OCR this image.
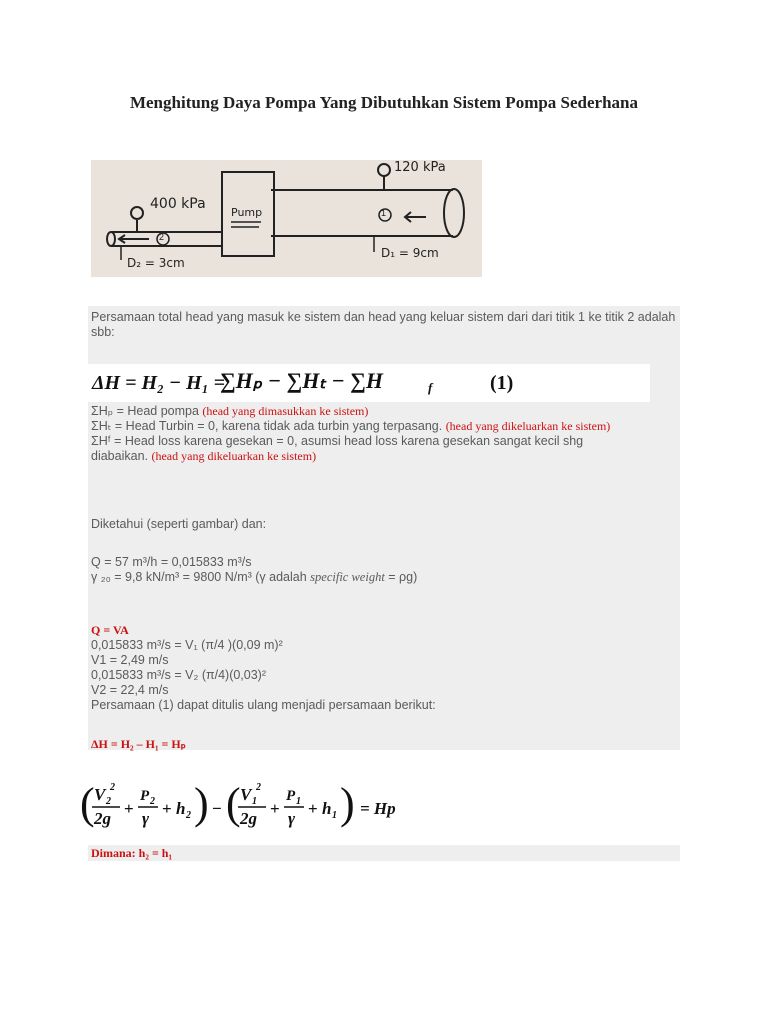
Menghitung Daya Pompa Yang Dibutuhkan Sistem Pompa Sederhana
400 kPa
120 kPa
Pump
D₂ = 3cm
D₁ = 9cm
1
2
Persamaan total head yang masuk ke sistem dan head yang keluar sistem dari dari titik 1 ke titik 2 adalah
sbb:
ΔH = H₂ − H₁ =
∑Hₚ − ∑Hₜ − ∑H	f	(1)
ΣHₚ = Head pompa (head yang dimasukkan ke sistem)
ΣHₜ = Head Turbin = 0, karena tidak ada turbin yang terpasang. (head yang dikeluarkan ke sistem)
ΣHᶠ = Head loss karena gesekan = 0, asumsi head loss karena gesekan sangat kecil shg
diabaikan. (head yang dikeluarkan ke sistem)
Diketahui (seperti gambar) dan:
Q = 57 m³/h = 0,015833 m³/s
γ ₂₀ = 9,8 kN/m³ = 9800 N/m³ (γ adalah specific weight = ρg)
Q = VA
0,015833 m³/s = V₁ (π/4 )(0,09 m)²
V1 = 2,49 m/s
0,015833 m³/s = V₂ (π/4)(0,03)²
V2 = 22,4 m/s
Persamaan (1) dapat ditulis ulang menjadi persamaan berikut:
ΔH = H₂ – H₁ = Hₚ
( V 2
2
2g
+
P 2
γ
+ h 2 ) − ( V 1
2
2g
+
P 1
γ
+ h 1 ) = Hp
Dimana: h₂ = h₁
